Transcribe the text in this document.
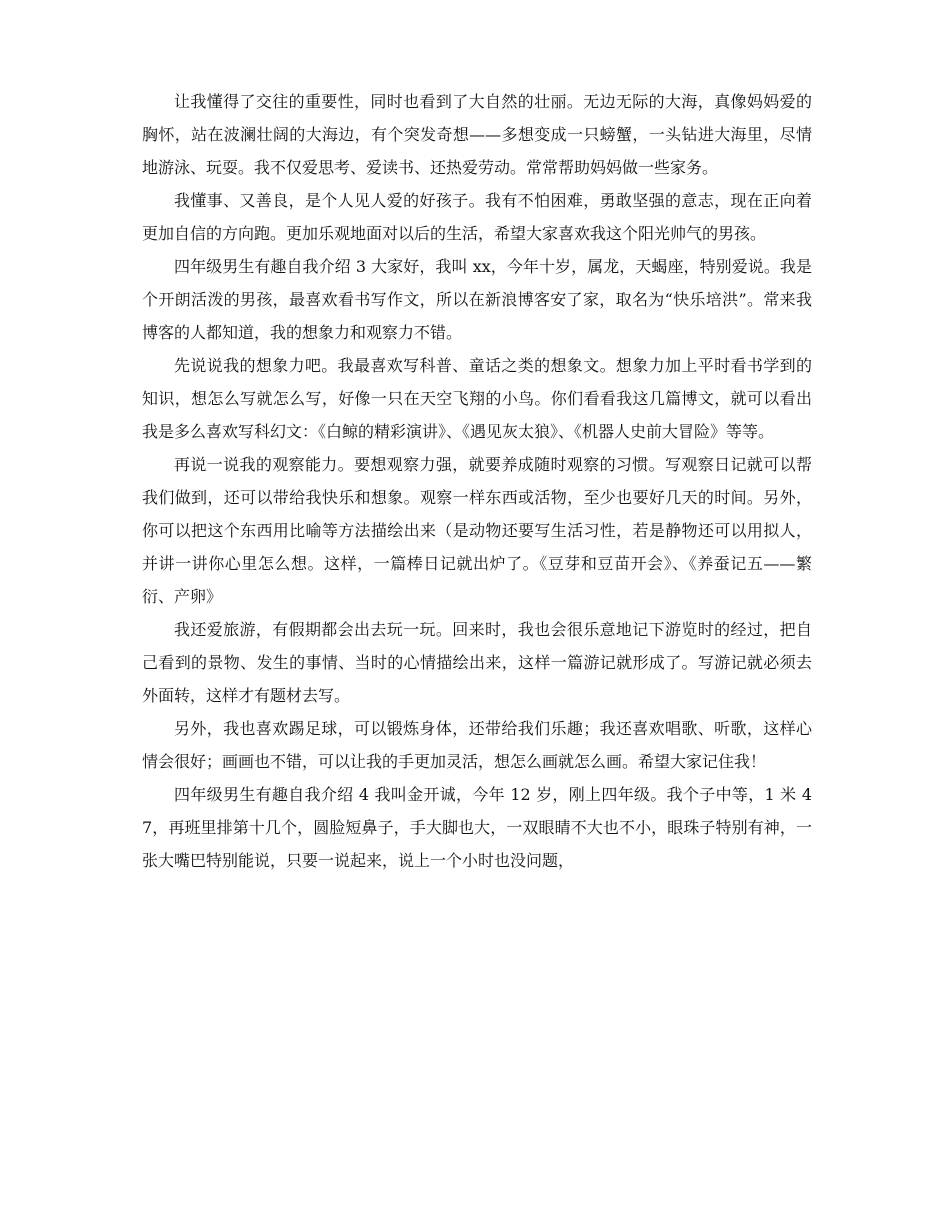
让我懂得了交往的重要性，同时也看到了大自然的壮丽。无边无际的大海，真像妈妈爱的胸怀，站在波澜壮阔的大海边，有个突发奇想——多想变成一只螃蟹，一头钻进大海里，尽情地游泳、玩耍。我不仅爱思考、爱读书、还热爱劳动。常常帮助妈妈做一些家务。

我懂事、又善良，是个人见人爱的好孩子。我有不怕困难，勇敢坚强的意志，现在正向着更加自信的方向跑。更加乐观地面对以后的生活，希望大家喜欢我这个阳光帅气的男孩。

四年级男生有趣自我介绍 3 大家好，我叫 xx，今年十岁，属龙，天蝎座，特别爱说。我是个开朗活泼的男孩，最喜欢看书写作文，所以在新浪博客安了家，取名为“快乐培洪”。常来我博客的人都知道，我的想象力和观察力不错。

先说说我的想象力吧。我最喜欢写科普、童话之类的想象文。想象力加上平时看书学到的知识，想怎么写就怎么写，好像一只在天空飞翔的小鸟。你们看看我这几篇博文，就可以看出我是多么喜欢写科幻文：《白鲸的精彩演讲》、《遇见灰太狼》、《机器人史前大冒险》等等。

再说一说我的观察能力。要想观察力强，就要养成随时观察的习惯。写观察日记就可以帮我们做到，还可以带给我快乐和想象。观察一样东西或活物，至少也要好几天的时间。另外，你可以把这个东西用比喻等方法描绘出来（是动物还要写生活习性，若是静物还可以用拟人，并讲一讲你心里怎么想。这样，一篇棒日记就出炉了。《豆芽和豆苗开会》、《养蚕记五——繁衍、产卵》

我还爱旅游，有假期都会出去玩一玩。回来时，我也会很乐意地记下游览时的经过，把自己看到的景物、发生的事情、当时的心情描绘出来，这样一篇游记就形成了。写游记就必须去外面转，这样才有题材去写。

另外，我也喜欢踢足球，可以锻炼身体，还带给我们乐趣；我还喜欢唱歌、听歌，这样心情会很好；画画也不错，可以让我的手更加灵活，想怎么画就怎么画。希望大家记住我！

四年级男生有趣自我介绍 4 我叫金开诚，今年 12 岁，刚上四年级。我个子中等，1 米 47，再班里排第十几个，圆脸短鼻子，手大脚也大，一双眼睛不大也不小，眼珠子特别有神，一张大嘴巴特别能说，只要一说起来，说上一个小时也没问题，
